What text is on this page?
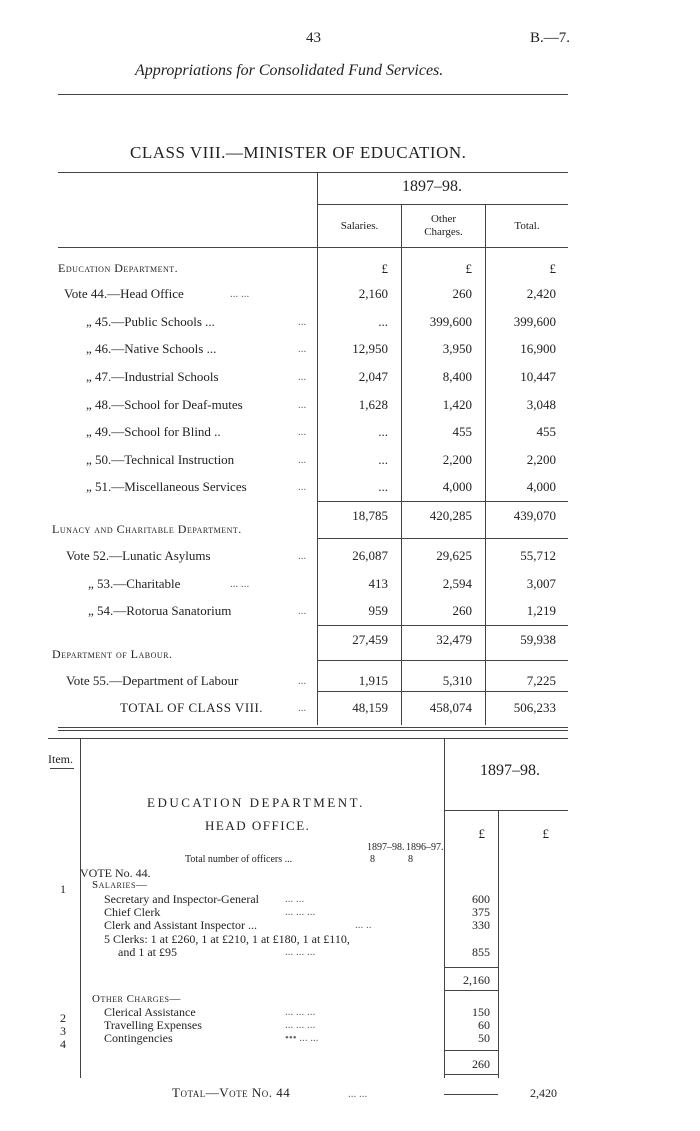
43	B.—7.
Appropriations for Consolidated Fund Services.
CLASS VIII.—MINISTER OF EDUCATION.
1897–98.
Salaries.
Other
Charges.	Total.
Education Department.	£	£	£
Vote 44.—Head Office	... ...	2,160	260	2,420
„ 45.—Public Schools ...	...	...	399,600	399,600
„ 46.—Native Schools ...	...	12,950	3,950	16,900
„ 47.—Industrial Schools	...	2,047	8,400	10,447
„ 48.—School for Deaf-mutes	...	1,628	1,420	3,048
„ 49.—School for Blind ..	...	...	455	455
„ 50.—Technical Instruction	...	...	2,200	2,200
„ 51.—Miscellaneous Services	...	...	4,000	4,000
18,785	420,285	439,070
Lunacy and Charitable Department.
Vote 52.—Lunatic Asylums	...	26,087	29,625	55,712
„ 53.—Charitable	... ...	413	2,594	3,007
„ 54.—Rotorua Sanatorium	...	959	260	1,219
27,459	32,479	59,938
Department of Labour.
Vote 55.—Department of Labour	...	1,915	5,310	7,225
TOTAL OF CLASS VIII.	...	48,159	458,074	506,233
Item.
1897–98.
EDUCATION DEPARTMENT.
HEAD OFFICE.
£	£
1897–98. 1896–97.
Total number of officers ...	8	8
VOTE No. 44.
Salaries—
1
Secretary and Inspector-General ... ...	600
Chief Clerk	... ... ...	375
Clerk and Assistant Inspector ...	... ..	330
5 Clerks: 1 at £260, 1 at £210, 1 at £180, 1 at £110,
and 1 at £95	... ... ...	855
2,160
Other Charges—
2	Clerical Assistance	... ... ...	150
3	Travelling Expenses	... ... ...	60
4	Contingencies	••• ... ...	50
260
Total—Vote No. 44	... ...	2,420
